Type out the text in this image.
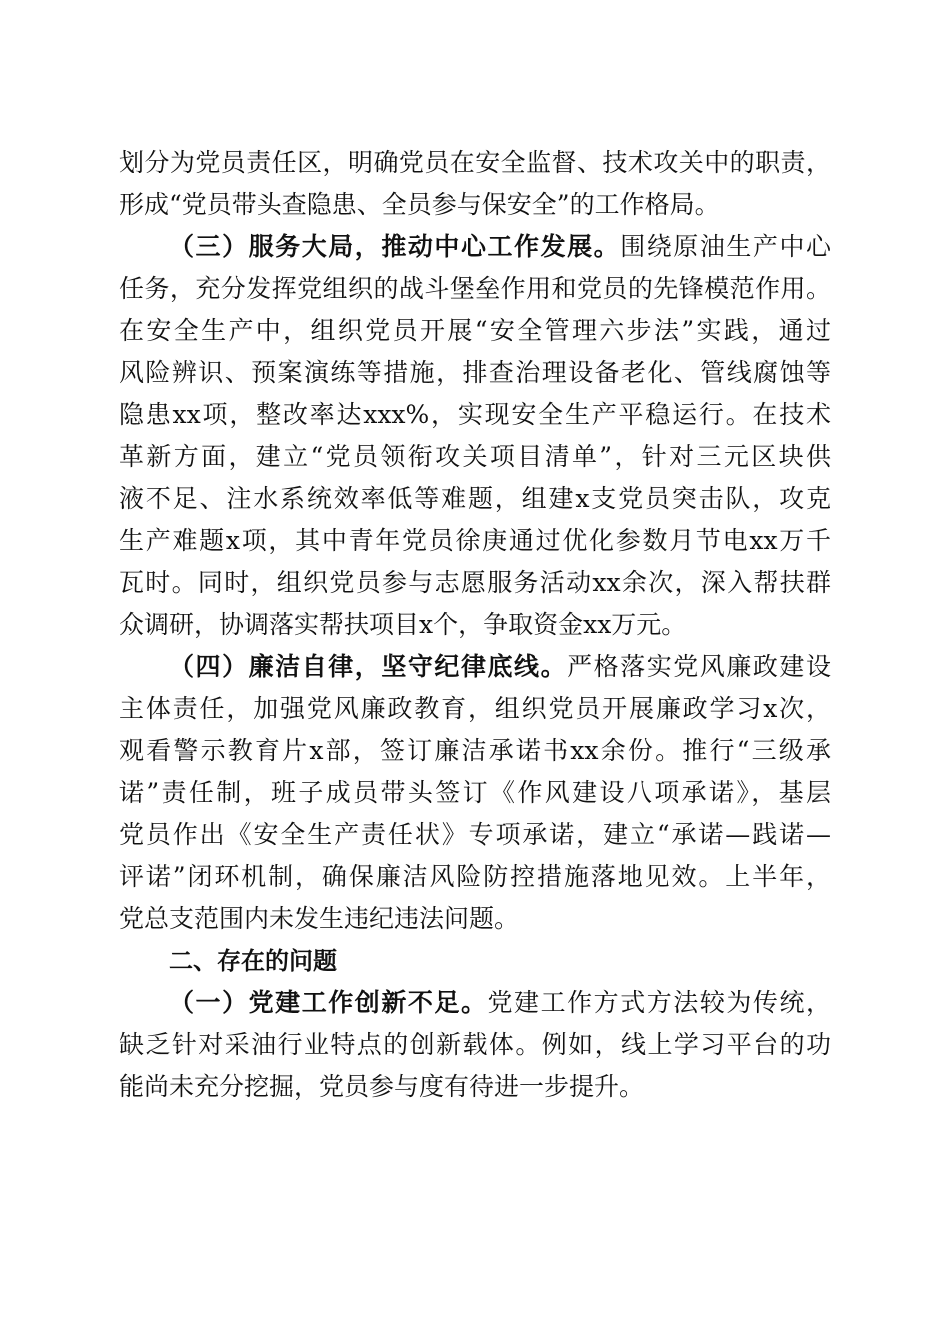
划分为党员责任区，明确党员在安全监督、技术攻关中的职责，
形成“党员带头查隐患、全员参与保安全”的工作格局。
（三）服务大局，推动中心工作发展。围绕原油生产中心
任务，充分发挥党组织的战斗堡垒作用和党员的先锋模范作用。
在安全生产中，组织党员开展“安全管理六步法”实践，通过
风险辨识、预案演练等措施，排查治理设备老化、管线腐蚀等
隐患xx项，整改率达xxx%，实现安全生产平稳运行。在技术
革新方面，建立“党员领衔攻关项目清单”，针对三元区块供
液不足、注水系统效率低等难题，组建x支党员突击队，攻克
生产难题x项，其中青年党员徐庚通过优化参数月节电xx万千
瓦时。同时，组织党员参与志愿服务活动xx余次，深入帮扶群
众调研，协调落实帮扶项目x个，争取资金xx万元。
（四）廉洁自律，坚守纪律底线。严格落实党风廉政建设
主体责任，加强党风廉政教育，组织党员开展廉政学习x次，
观看警示教育片x部，签订廉洁承诺书xx余份。推行“三级承
诺”责任制，班子成员带头签订《作风建设八项承诺》，基层
党员作出《安全生产责任状》专项承诺，建立“承诺—践诺—
评诺”闭环机制，确保廉洁风险防控措施落地见效。上半年，
党总支范围内未发生违纪违法问题。
二、存在的问题
（一）党建工作创新不足。党建工作方式方法较为传统，
缺乏针对采油行业特点的创新载体。例如，线上学习平台的功
能尚未充分挖掘，党员参与度有待进一步提升。
